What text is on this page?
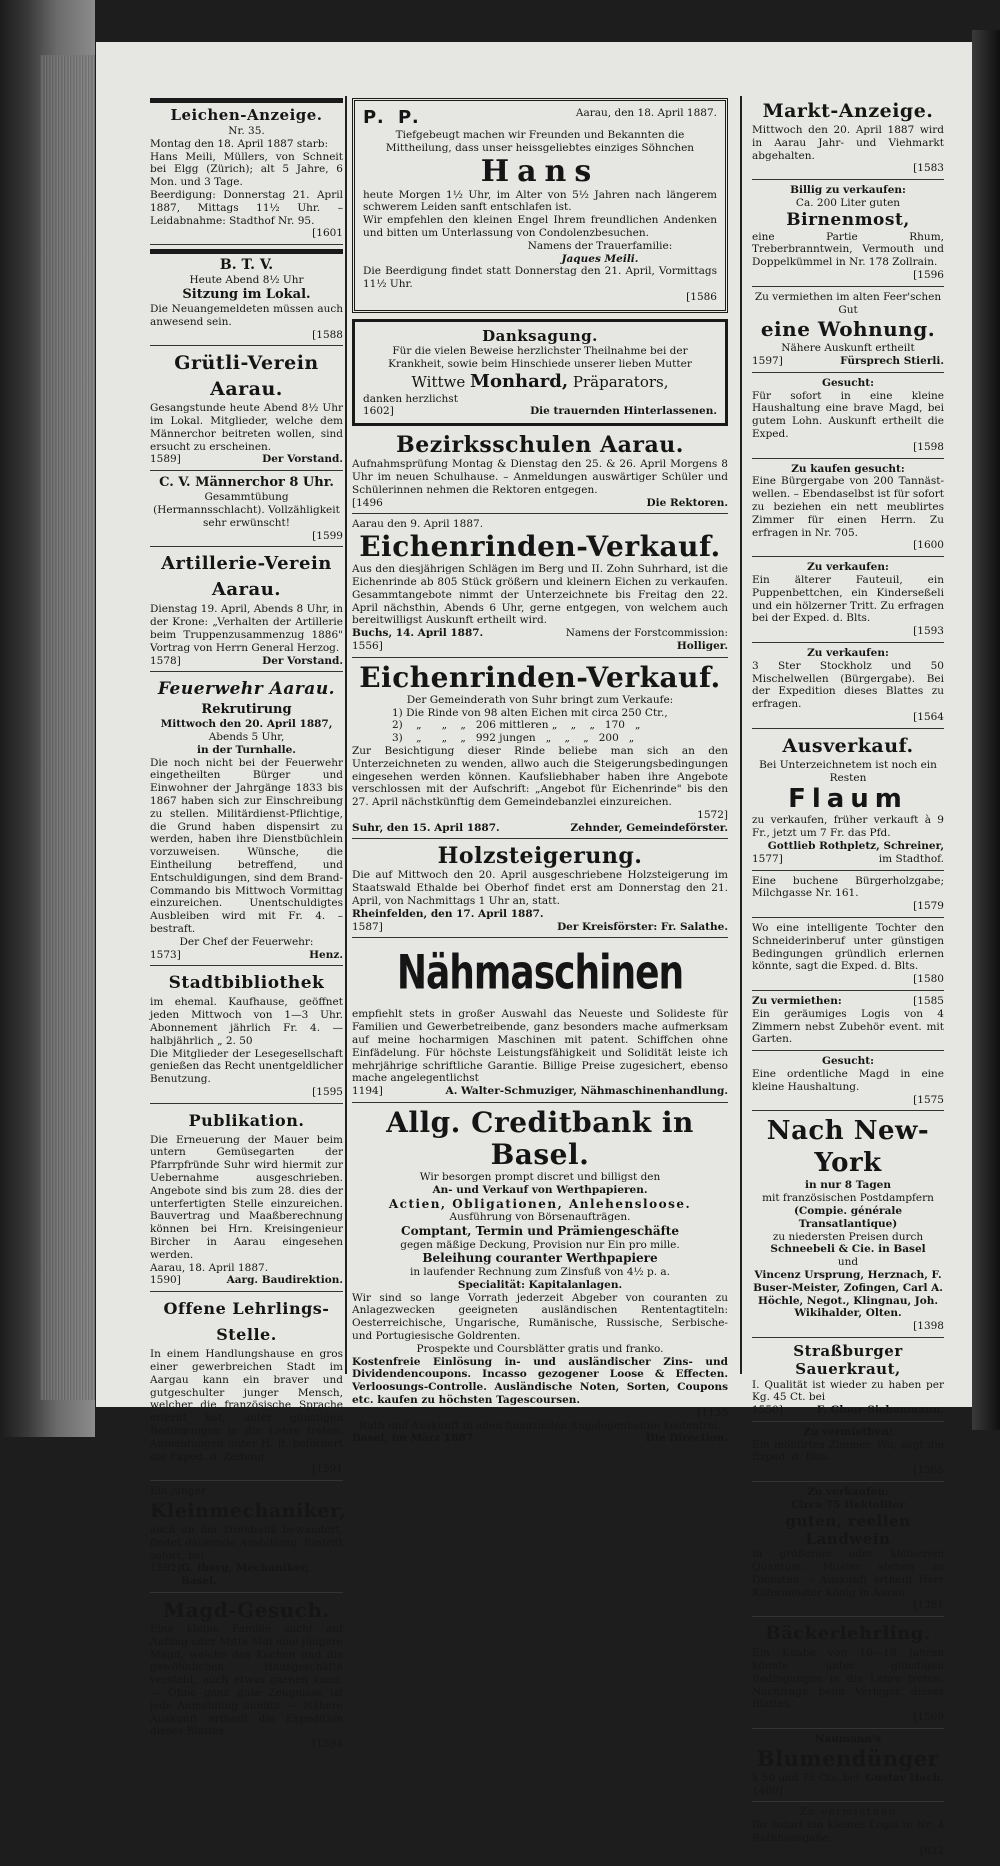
Leichen-Anzeige.
Nr. 35.
Montag den 18. April 1887 starb:
Hans Meili, Müllers, von Schneit bei Elgg (Zürich); alt 5 Jahre, 6 Mon. und 3 Tage.
Beerdigung: Donnerstag 21. April 1887, Mittags 11½ Uhr. – Leidabnahme: Stadthof Nr. 95.
[1601
B. T. V.
Heute Abend 8½ Uhr
Sitzung im Lokal.
Die Neuangemeldeten müssen auch anwesend sein.
[1588
Grütli-Verein Aarau.
Gesangstunde heute Abend 8½ Uhr im Lokal. Mitglieder, welche dem Männerchor beitreten wollen, sind ersucht zu erscheinen.
1589]	Der Vorstand.
C. V. Männerchor 8 Uhr.
Gesammtübung (Hermannsschlacht). Vollzähligkeit sehr erwünscht!
[1599
Artillerie-Verein Aarau.
Dienstag 19. April, Abends 8 Uhr, in der Krone: „Verhalten der Artillerie beim Truppenzusammenzug 1886" Vortrag von Herrn General Herzog.
1578]	Der Vorstand.
Feuerwehr Aarau.
Rekrutirung
Mittwoch den 20. April 1887,
Abends 5 Uhr,
in der Turnhalle.
Die noch nicht bei der Feuerwehr eingetheilten Bürger und Einwohner der Jahrgänge 1833 bis 1867 haben sich zur Einschreibung zu stellen. Militärdienst-Pflichtige, die Grund haben dispensirt zu werden, haben ihre Dienstbüchlein vorzuweisen. Wünsche, die Eintheilung betreffend, und Entschuldigungen, sind dem Brand-Commando bis Mittwoch Vormittag einzureichen. Unentschuldigtes Ausbleiben wird mit Fr. 4. – bestraft.
Der Chef der Feuerwehr:
1573]	Henz.
Stadtbibliothek
im ehemal. Kaufhause, geöffnet jeden Mittwoch von 1—3 Uhr. Abonnement jährlich Fr. 4. — halbjährlich „ 2. 50
Die Mitglieder der Lesegesellschaft genießen das Recht unentgeldlicher Benutzung.
[1595
Publikation.
Die Erneuerung der Mauer beim untern Gemüsegarten der Pfarrpfründe Suhr wird hiermit zur Uebernahme ausgeschrieben. Angebote sind bis zum 28. dies der unterfertigten Stelle einzureichen. Bauvertrag und Maaßberechnung können bei Hrn. Kreisingenieur Bircher in Aarau eingesehen werden.
Aarau, 18. April 1887.
1590]	Aarg. Baudirektion.
Offene Lehrlings-Stelle.
In einem Handlungshause en gros einer gewerbreichen Stadt im Aargau kann ein braver und gutgeschulter junger Mensch, welcher die französische Sprache erlernt hat, unter günstigen Bedingungen in die Lehre treten. Anmeldungen unter H. B. befördert die Exped. d. Zeitung.
[1591
Ein junger
Kleinmechaniker,
auch an der Drehbank bewandert, findet dauernde Anstellung, Eintritt sofort, bei
1592] G. Iberg, Mechaniker, Basel.
Magd-Gesuch.
Eine kleine Familie sucht auf Anfang oder Mitte Mai eine jüngere Magd, welche das Kochen und die gewöhnlichen Hausgeschäfte versteht, auch etwas garnen kann. — Ohne ganz gute Zeugnisse ist jede Anmeldung unnütz. — Nähere Auskunft ertheilt die Expedition dieses Blattes.
[1594
P. P.	Aarau, den 18. April 1887.
Tiefgebeugt machen wir Freunden und Bekannten die Mittheilung, dass unser heissgeliebtes einziges Söhnchen
Hans
heute Morgen 1½ Uhr, im Alter von 5½ Jahren nach längerem schwerem Leiden sanft entschlafen ist.
Wir empfehlen den kleinen Engel Ihrem freundlichen Andenken und bitten um Unterlassung von Condolenzbesuchen.
Namens der Trauerfamilie:
Jaques Meili.
Die Beerdigung findet statt Donnerstag den 21. April, Vormittags 11½ Uhr.
[1586
Danksagung.
Für die vielen Beweise herzlichster Theilnahme bei der Krankheit, sowie beim Hinschiede unserer lieben Mutter
Wittwe Monhard, Präparators,
danken herzlichst
1602]	Die trauernden Hinterlassenen.
Bezirksschulen Aarau.
Aufnahmsprüfung Montag & Dienstag den 25. & 26. April Morgens 8 Uhr im neuen Schulhause. – Anmeldungen auswärtiger Schüler und Schülerinnen nehmen die Rektoren entgegen.
[1496	Die Rektoren.
Aarau den 9. April 1887.
Eichenrinden-Verkauf.
Aus den diesjährigen Schlägen im Berg und II. Zohn Suhrhard, ist die Eichenrinde ab 805 Stück größern und kleinern Eichen zu verkaufen. Gesammtangebote nimmt der Unterzeichnete bis Freitag den 22. April nächsthin, Abends 6 Uhr, gerne entgegen, von welchem auch bereitwilligst Auskunft ertheilt wird.
Buchs, 14. April 1887.	Namens der Forstcommission:
1556]	Holliger.
Eichenrinden-Verkauf.
Der Gemeinderath von Suhr bringt zum Verkaufe:
1) Die Rinde von 98 alten Eichen mit circa 250 Ctr.,
2)    „      „    „   206 mittleren „    „    „   170   „
3)    „      „    „   992 jungen   „    „    „   200   „
Zur Besichtigung dieser Rinde beliebe man sich an den Unterzeichneten zu wenden, allwo auch die Steigerungsbedingungen eingesehen werden können. Kaufsliebhaber haben ihre Angebote verschlossen mit der Aufschrift: „Angebot für Eichenrinde" bis den 27. April nächstkünftig dem Gemeindebanzlei einzureichen.
1572]
Suhr, den 15. April 1887.	Zehnder, Gemeindeförster.
Holzsteigerung.
Die auf Mittwoch den 20. April ausgeschriebene Holzsteigerung im Staatswald Ethalde bei Oberhof findet erst am Donnerstag den 21. April, von Nachmittags 1 Uhr an, statt.
Rheinfelden, den 17. April 1887.
1587]	Der Kreisförster: Fr. Salathe.
Nähmaschinen
empfiehlt stets in großer Auswahl das Neueste und Solideste für Familien und Gewerbetreibende, ganz besonders mache aufmerksam auf meine hocharmigen Maschinen mit patent. Schiffchen ohne Einfädelung. Für höchste Leistungsfähigkeit und Solidität leiste ich mehrjährige schriftliche Garantie. Billige Preise zugesichert, ebenso mache angelegentlichst
1194]	A. Walter-Schmuziger, Nähmaschinenhandlung.
Allg. Creditbank in Basel.
Wir besorgen prompt discret und billigst den
An- und Verkauf von Werthpapieren.
Actien, Obligationen, Anlehensloose.
Ausführung von Börsenaufträgen.
Comptant, Termin und Prämiengeschäfte
gegen mäßige Deckung, Provision nur Ein pro mille.
Beleihung couranter Werthpapiere
in laufender Rechnung zum Zinsfuß von 4½ p. a.
Specialität: Kapitalanlagen.
Wir sind so lange Vorrath jederzeit Abgeber von couranten zu Anlagezwecken geeigneten ausländischen Rententagtiteln: Oesterreichische, Ungarische, Rumänische, Russische, Serbische- und Portugiesische Goldrenten.
Prospekte und Coursblätter gratis und franko.
Kostenfreie Einlösung in- und ausländischer Zins- und Dividendencoupons. Incasso gezogener Loose & Effecten. Verloosungs-Controlle. Ausländische Noten, Sorten, Coupons etc. kaufen zu höchsten Tagescoursen.
[1135
Rath und Auskunft in allen finanziellen Angelegenheiten kostenfrei.
Basel, im März 1887.	Die Direction.
Markt-Anzeige.
Mittwoch den 20. April 1887 wird in Aarau Jahr- und Viehmarkt abgehalten.
[1583
Billig zu verkaufen:
Ca. 200 Liter guten
Birnenmost,
eine Partie Rhum, Treberbranntwein, Vermouth und Doppelkümmel in Nr. 178 Zollrain.
[1596
Zu vermiethen im alten Feer'schen Gut
eine Wohnung.
Nähere Auskunft ertheilt
1597]	Fürsprech Stierli.
Gesucht:
Für sofort in eine kleine Haushaltung eine brave Magd, bei gutem Lohn. Auskunft ertheilt die Exped.
[1598
Zu kaufen gesucht:
Eine Bürgergabe von 200 Tannäst-wellen. – Ebendaselbst ist für sofort zu beziehen ein nett meublirtes Zimmer für einen Herrn. Zu erfragen in Nr. 705.
[1600
Zu verkaufen:
Ein älterer Fauteuil, ein Puppenbettchen, ein Kinderseßeli und ein hölzerner Tritt. Zu erfragen bei der Exped. d. Blts.
[1593
Zu verkaufen:
3 Ster Stockholz und 50 Mischelwellen (Bürgergabe). Bei der Expedition dieses Blattes zu erfragen.
[1564
Ausverkauf.
Bei Unterzeichnetem ist noch ein Resten
Flaum
zu verkaufen, früher verkauft à 9 Fr., jetzt um 7 Fr. das Pfd.
Gottlieb Rothpletz, Schreiner,
1577]	im Stadthof.
Eine buchene Bürgerholzgabe; Milchgasse Nr. 161.
[1579
Wo eine intelligente Tochter den Schneiderinberuf unter günstigen Bedingungen gründlich erlernen könnte, sagt die Exped. d. Blts.
[1580
Zu vermiethen:	[1585
Ein geräumiges Logis von 4 Zimmern nebst Zubehör event. mit Garten.
Gesucht:
Eine ordentliche Magd in eine kleine Haushaltung.
[1575
Nach New-York
in nur 8 Tagen
mit französischen Postdampfern
(Compie. générale Transatlantique)
zu niedersten Preisen durch
Schneebeli & Cie. in Basel
und
Vincenz Ursprung, Herznach, F. Buser-Meister, Zofingen, Carl A. Höchle, Negot., Klingnau, Joh. Wikihalder, Olten.
[1398
Straßburger Sauerkraut,
I. Qualität ist wieder zu haben per Kg. 45 Ct. bei
1550]	F. Gloor-Siebenmann.
Zu vermiethen:
Ein möblirtes Zimmer. Wo, sagt die Exped. d. Blts.
[1565
Zu verkaufen:
Circa 75 Hektoliter
guten, reellen Landwein
in größerem oder kleinerem Quantum. Muster stehen zu Diensten. – Auskunft ertheilt Herr Küfermeister König in Aarau.
[1381
Bäckerlehrling.
Ein Knabe von 16—18 Jahren könnte unter günstigen Bedingungen in die Lehre treten. Nachfrage beim Verleger dieses Blattes.
[1569
Naumann's
Blumendünger
à 50 und 75 Cts. bei Gustav Hoch.
1409]
Zu vermiethen
für sofort ein kleines Logis in Nr. 4 Rathhausgaße.
[832
